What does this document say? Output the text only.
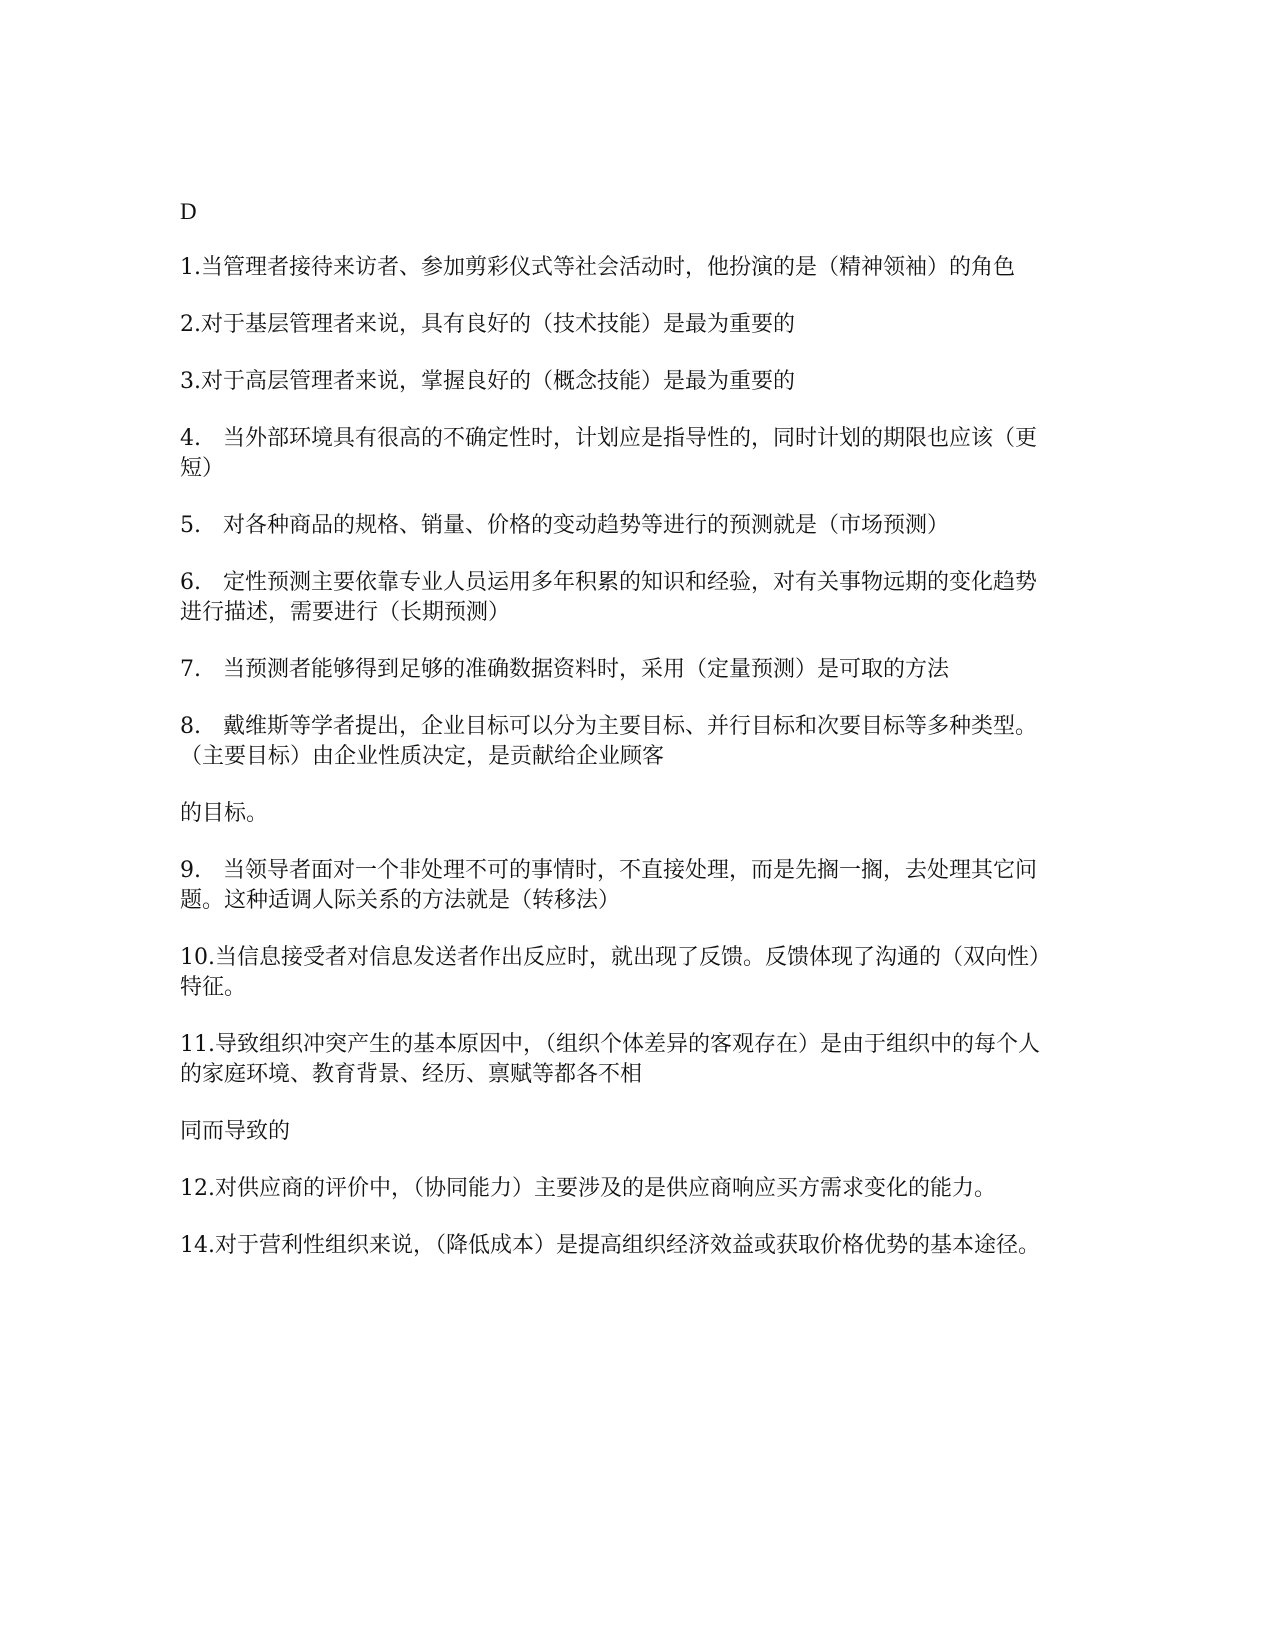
D

1.当管理者接待来访者、参加剪彩仪式等社会活动时，他扮演的是（精神领袖）的角色

2.对于基层管理者来说，具有良好的（技术技能）是最为重要的

3.对于高层管理者来说，掌握良好的（概念技能）是最为重要的

4.　当外部环境具有很高的不确定性时，计划应是指导性的，同时计划的期限也应该（更短）

5.　对各种商品的规格、销量、价格的变动趋势等进行的预测就是（市场预测）

6.　定性预测主要依靠专业人员运用多年积累的知识和经验，对有关事物远期的变化趋势进行描述，需要进行（长期预测）

7.　当预测者能够得到足够的准确数据资料时，采用（定量预测）是可取的方法

8.　戴维斯等学者提出，企业目标可以分为主要目标、并行目标和次要目标等多种类型。（主要目标）由企业性质决定，是贡献给企业顾客

的目标。

9.　当领导者面对一个非处理不可的事情时，不直接处理，而是先搁一搁，去处理其它问题。这种适调人际关系的方法就是（转移法）

10.当信息接受者对信息发送者作出反应时，就出现了反馈。反馈体现了沟通的（双向性）特征。

11.导致组织冲突产生的基本原因中，（组织个体差异的客观存在）是由于组织中的每个人的家庭环境、教育背景、经历、禀赋等都各不相

同而导致的

12.对供应商的评价中，（协同能力）主要涉及的是供应商响应买方需求变化的能力。

14.对于营利性组织来说，（降低成本）是提高组织经济效益或获取价格优势的基本途径。
